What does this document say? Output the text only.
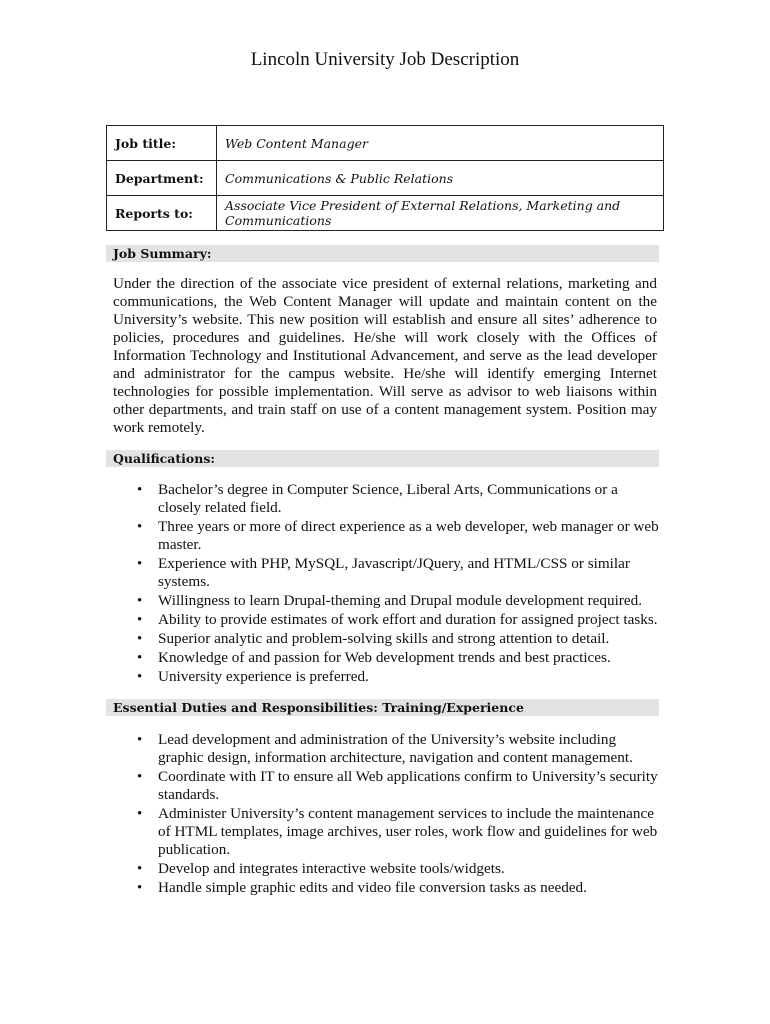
Lincoln University Job Description
Job title:	Web Content Manager
Department:	Communications & Public Relations
Reports to:	Associate Vice President of External Relations, Marketing and Communications
Job Summary:

Under the direction of the associate vice president of external relations, marketing and communications, the Web Content Manager will update and maintain content on the University’s website. This new position will establish and ensure all sites’ adherence to policies, procedures and guidelines. He/she will work closely with the Offices of Information Technology and Institutional Advancement, and serve as the lead developer and administrator for the campus website. He/she will identify emerging Internet technologies for possible implementation. Will serve as advisor to web liaisons within other departments, and train staff on use of a content management system. Position may work remotely.

Qualifications:
• Bachelor’s degree in Computer Science, Liberal Arts, Communications or a closely related field.
• Three years or more of direct experience as a web developer, web manager or web master.
• Experience with PHP, MySQL, Javascript/JQuery, and HTML/CSS or similar systems.
• Willingness to learn Drupal-theming and Drupal module development required.
• Ability to provide estimates of work effort and duration for assigned project tasks.
• Superior analytic and problem-solving skills and strong attention to detail.
• Knowledge of and passion for Web development trends and best practices.
• University experience is preferred.
Essential Duties and Responsibilities: Training/Experience
• Lead development and administration of the University’s website including graphic design, information architecture, navigation and content management.
• Coordinate with IT to ensure all Web applications confirm to University’s security standards.
• Administer University’s content management services to include the maintenance of HTML templates, image archives, user roles, work flow and guidelines for web publication.
• Develop and integrates interactive website tools/widgets.
• Handle simple graphic edits and video file conversion tasks as needed.
